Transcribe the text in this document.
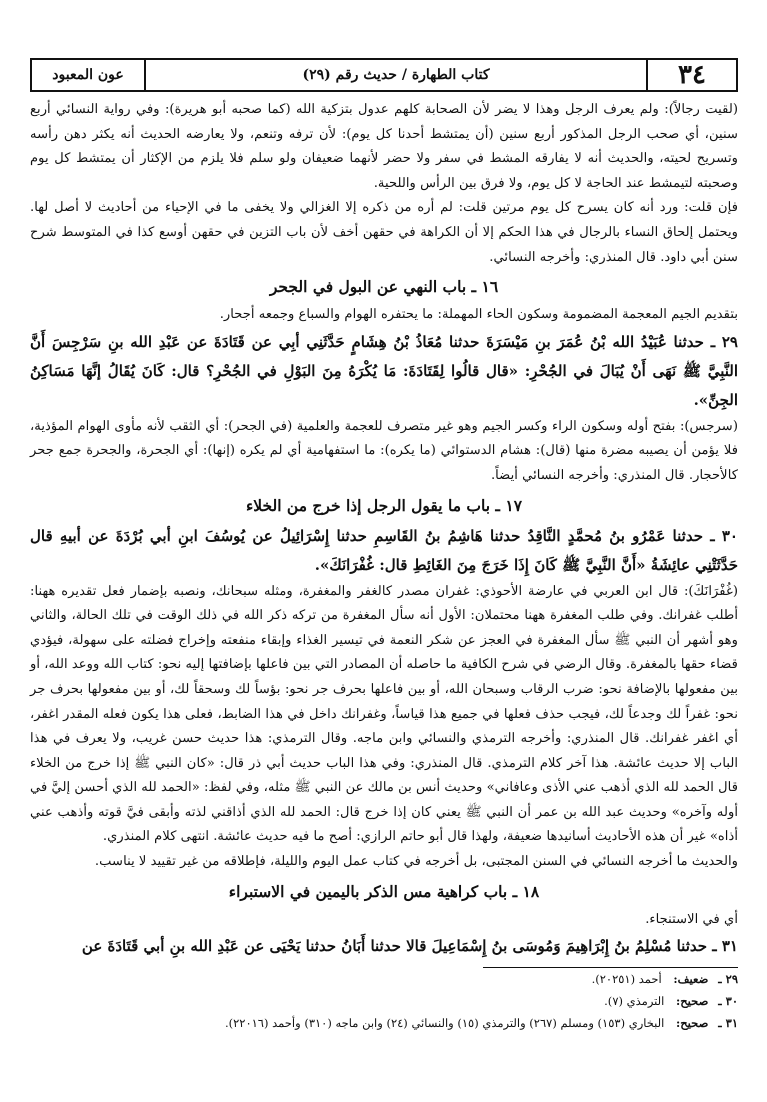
٣٤
كتاب الطهارة / حديث رقم (٢٩)
عون المعبود

(لقيت رجالاً): ولم يعرف الرجل وهذا لا يضر لأن الصحابة كلهم عدول بتزكية الله (كما صحبه أبو هريرة): وفي رواية النسائي أربع سنين، أي صحب الرجل المذكور أربع سنين (أن يمتشط أحدنا كل يوم): لأن ترفه وتنعم، ولا يعارضه الحديث أنه يكثر دهن رأسه وتسريح لحيته، والحديث أنه لا يفارقه المشط في سفر ولا حضر لأنهما ضعيفان ولو سلم فلا يلزم من الإكثار أن يمتشط كل يوم وصحبته لتيمشط عند الحاجة لا كل يوم، ولا فرق بين الرأس واللحية.

فإن قلت: ورد أنه كان يسرح كل يوم مرتين قلت: لم أره من ذكره إلا الغزالي ولا يخفى ما في الإحياء من أحاديث لا أصل لها. ويحتمل إلحاق النساء بالرجال في هذا الحكم إلا أن الكراهة في حقهن أخف لأن باب التزين في حقهن أوسع كذا في المتوسط شرح سنن أبي داود. قال المنذري: وأخرجه النسائي.

١٦ ـ باب النهي عن البول في الجحر

بتقديم الجيم المعجمة المضمومة وسكون الحاء المهملة: ما يحتفره الهوام والسباع وجمعه أجحار.

٢٩ ـ حدثنا عُبَيْدُ الله بْنُ عُمَرَ بنِ مَيْسَرَةَ حدثنا مُعَاذُ بْنُ هِشَامٍ حَدَّثَنِي أبِي عن قَتَادَةَ عن عَبْدِ الله بنِ سَرْجِسَ أَنَّ النَّبِيَّ ﷺ نَهَى أَنْ يُبَالَ في الجُحْرِ: «قال قالُوا لِقَتَادَةَ: مَا يُكْرَهُ مِنَ البَوْلِ في الجُحْرِ؟ قال: كَانَ يُقَالُ إنَّهَا مَسَاكِنُ الجِنِّ».

(سرجس): بفتح أوله وسكون الراء وكسر الجيم وهو غير متصرف للعجمة والعلمية (في الجحر): أي الثقب لأنه مأوى الهوام المؤذية، فلا يؤمن أن يصيبه مضرة منها (قال): هشام الدستوائي (ما يكره): ما استفهامية أي لم يكره (إنها): أي الجحرة، والجحرة جمع جحر كالأحجار. قال المنذري: وأخرجه النسائي أيضاً.

١٧ ـ باب ما يقول الرجل إذا خرج من الخلاء

٣٠ ـ حدثنا عَمْرُو بنُ مُحمَّدٍ النَّاقِدُ حدثنا هَاشِمُ بنُ القَاسِمِ حدثنا إِسْرَائِيلُ عن يُوسُفَ ابنِ أبي بُرْدَةَ عن أبيهِ قال حَدَّثَتْنِي عائِشَةُ «أَنَّ النَّبِيَّ ﷺ كَانَ إِذَا خَرَجَ مِنَ الغَائِطِ قال: غُفْرَانَكَ».

(غُفْرَانَكَ): قال ابن العربي في عارضة الأحوذي: غفران مصدر كالغفر والمغفرة، ومثله سبحانك، ونصبه بإضمار فعل تقديره ههنا: أطلب غفرانك. وفي طلب المغفرة ههنا محتملان: الأول أنه سأل المغفرة من تركه ذكر الله في ذلك الوقت في تلك الحالة، والثاني وهو أشهر أن النبي ﷺ سأل المغفرة في العجز عن شكر النعمة في تيسير الغذاء وإبقاء منفعته وإخراج فضلته على سهولة، فيؤدي قضاء حقها بالمغفرة. وقال الرضي في شرح الكافية ما حاصله أن المصادر التي بين فاعلها بإضافتها إليه نحو: كتاب الله ووعد الله، أو بين مفعولها بالإضافة نحو: ضرب الرقاب وسبحان الله، أو بين فاعلها بحرف جر نحو: بؤساً لك وسحقاً لك، أو بين مفعولها بحرف جر نحو: غفراً لك وجدعاً لك، فيجب حذف فعلها في جميع هذا قياساً، وغفرانك داخل في هذا الضابط، فعلى هذا يكون فعله المقدر اغفر، أي اغفر غفرانك. قال المنذري: وأخرجه الترمذي والنسائي وابن ماجه. وقال الترمذي: هذا حديث حسن غريب، ولا يعرف في هذا الباب إلا حديث عائشة. هذا آخر كلام الترمذي. قال المنذري: وفي هذا الباب حديث أبي ذر قال: «كان النبي ﷺ إذا خرج من الخلاء قال الحمد لله الذي أذهب عني الأذى وعافاني» وحديث أنس بن مالك عن النبي ﷺ مثله، وفي لفظ: «الحمد لله الذي أحسن إليَّ في أوله وآخره» وحديث عبد الله بن عمر أن النبي ﷺ يعني كان إذا خرج قال: الحمد لله الذي أذاقني لذته وأبقى فيَّ قوته وأذهب عني أذاه» غير أن هذه الأحاديث أسانيدها ضعيفة، ولهذا قال أبو حاتم الرازي: أصح ما فيه حديث عائشة. انتهى كلام المنذري.

والحديث ما أخرجه النسائي في السنن المجتبى، بل أخرجه في كتاب عمل اليوم والليلة، فإطلاقه من غير تقييد لا يناسب.

١٨ ـ باب كراهية مس الذكر باليمين في الاستبراء

أي في الاستنجاء.

٣١ ـ حدثنا مُسْلِمُ بنُ إِبْرَاهِيمَ وَمُوسَى بنُ إِسْمَاعِيلَ قالا حدثنا أَبَانُ حدثنا يَحْيَى عن عَبْدِ الله بنِ أبي قَتَادَةَ عن

٢٩ ـ ضعيف: أحمد (٢٠٢٥١).

٣٠ ـ صحيح: الترمذي (٧).

٣١ ـ صحيح: البخاري (١٥٣) ومسلم (٢٦٧) والترمذي (١٥) والنسائي (٢٤) وابن ماجه (٣١٠) وأحمد (٢٢٠١٦).
